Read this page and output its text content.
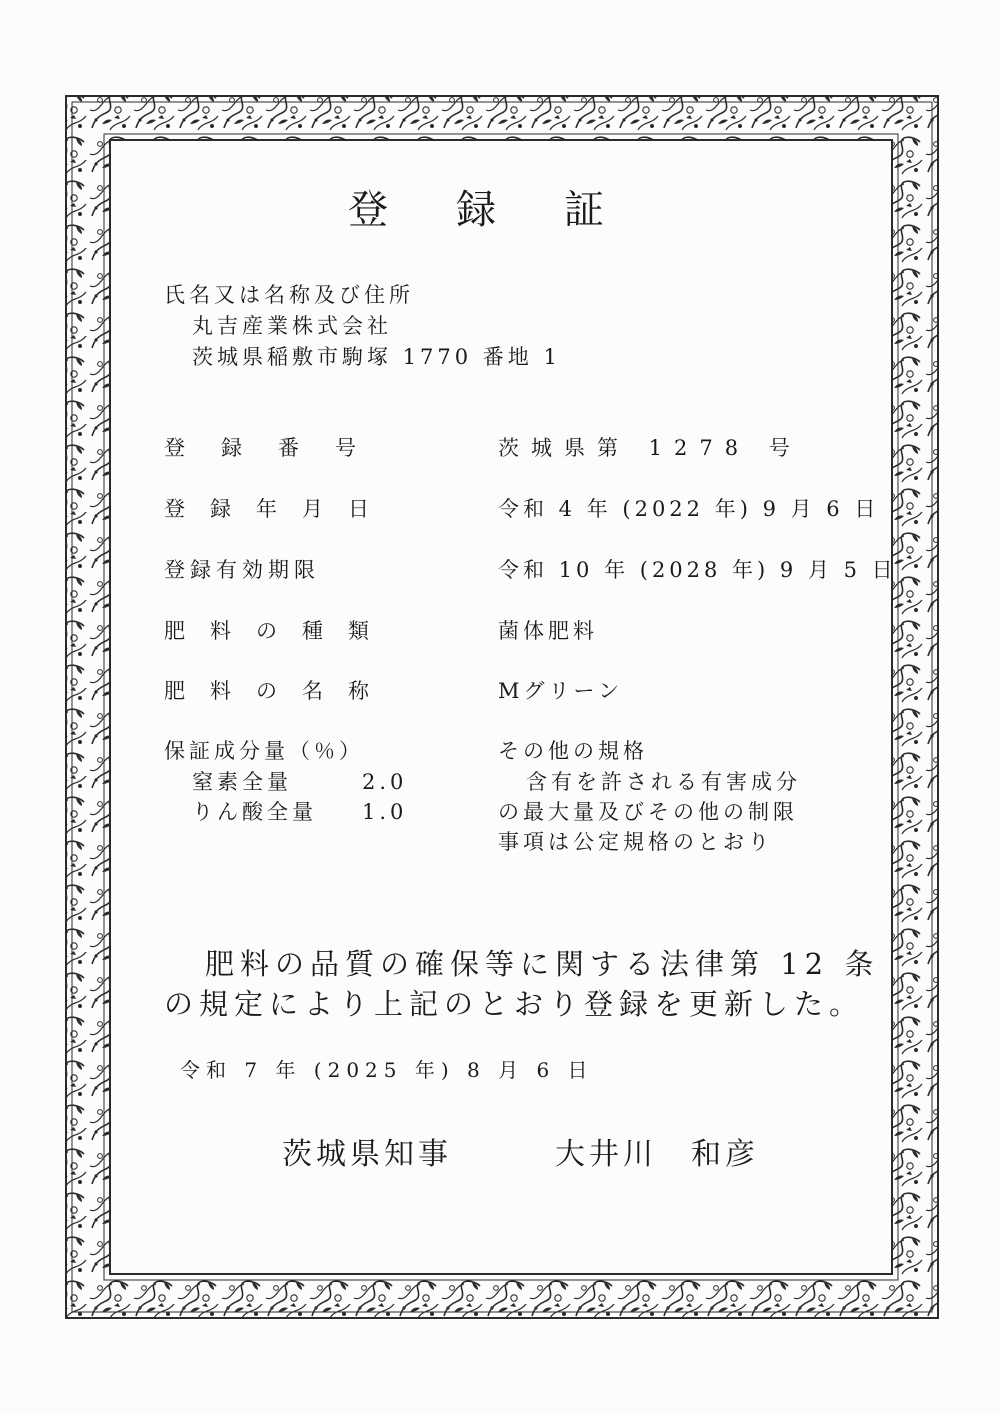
登録証
氏名又は名称及び住所
丸吉産業株式会社
茨城県稲敷市駒塚 1770 番地 1
登録番号	茨城県第 1278 号
登録年月日	令和 4 年 (2022 年) 9 月 6 日
登録有効期限	令和 10 年 (2028 年) 9 月 5 日
肥料の種類	菌体肥料
肥料の名称	Mグリーン
保証成分量（％）
窒素全量	2.0
りん酸全量 1.0
その他の規格
含有を許される有害成分
の最大量及びその他の制限
事項は公定規格のとおり
肥料の品質の確保等に関する法律第 12 条
の規定により上記のとおり登録を更新した。
令和 7 年 (2025 年) 8 月 6 日
茨城県知事	大井川　和彦
